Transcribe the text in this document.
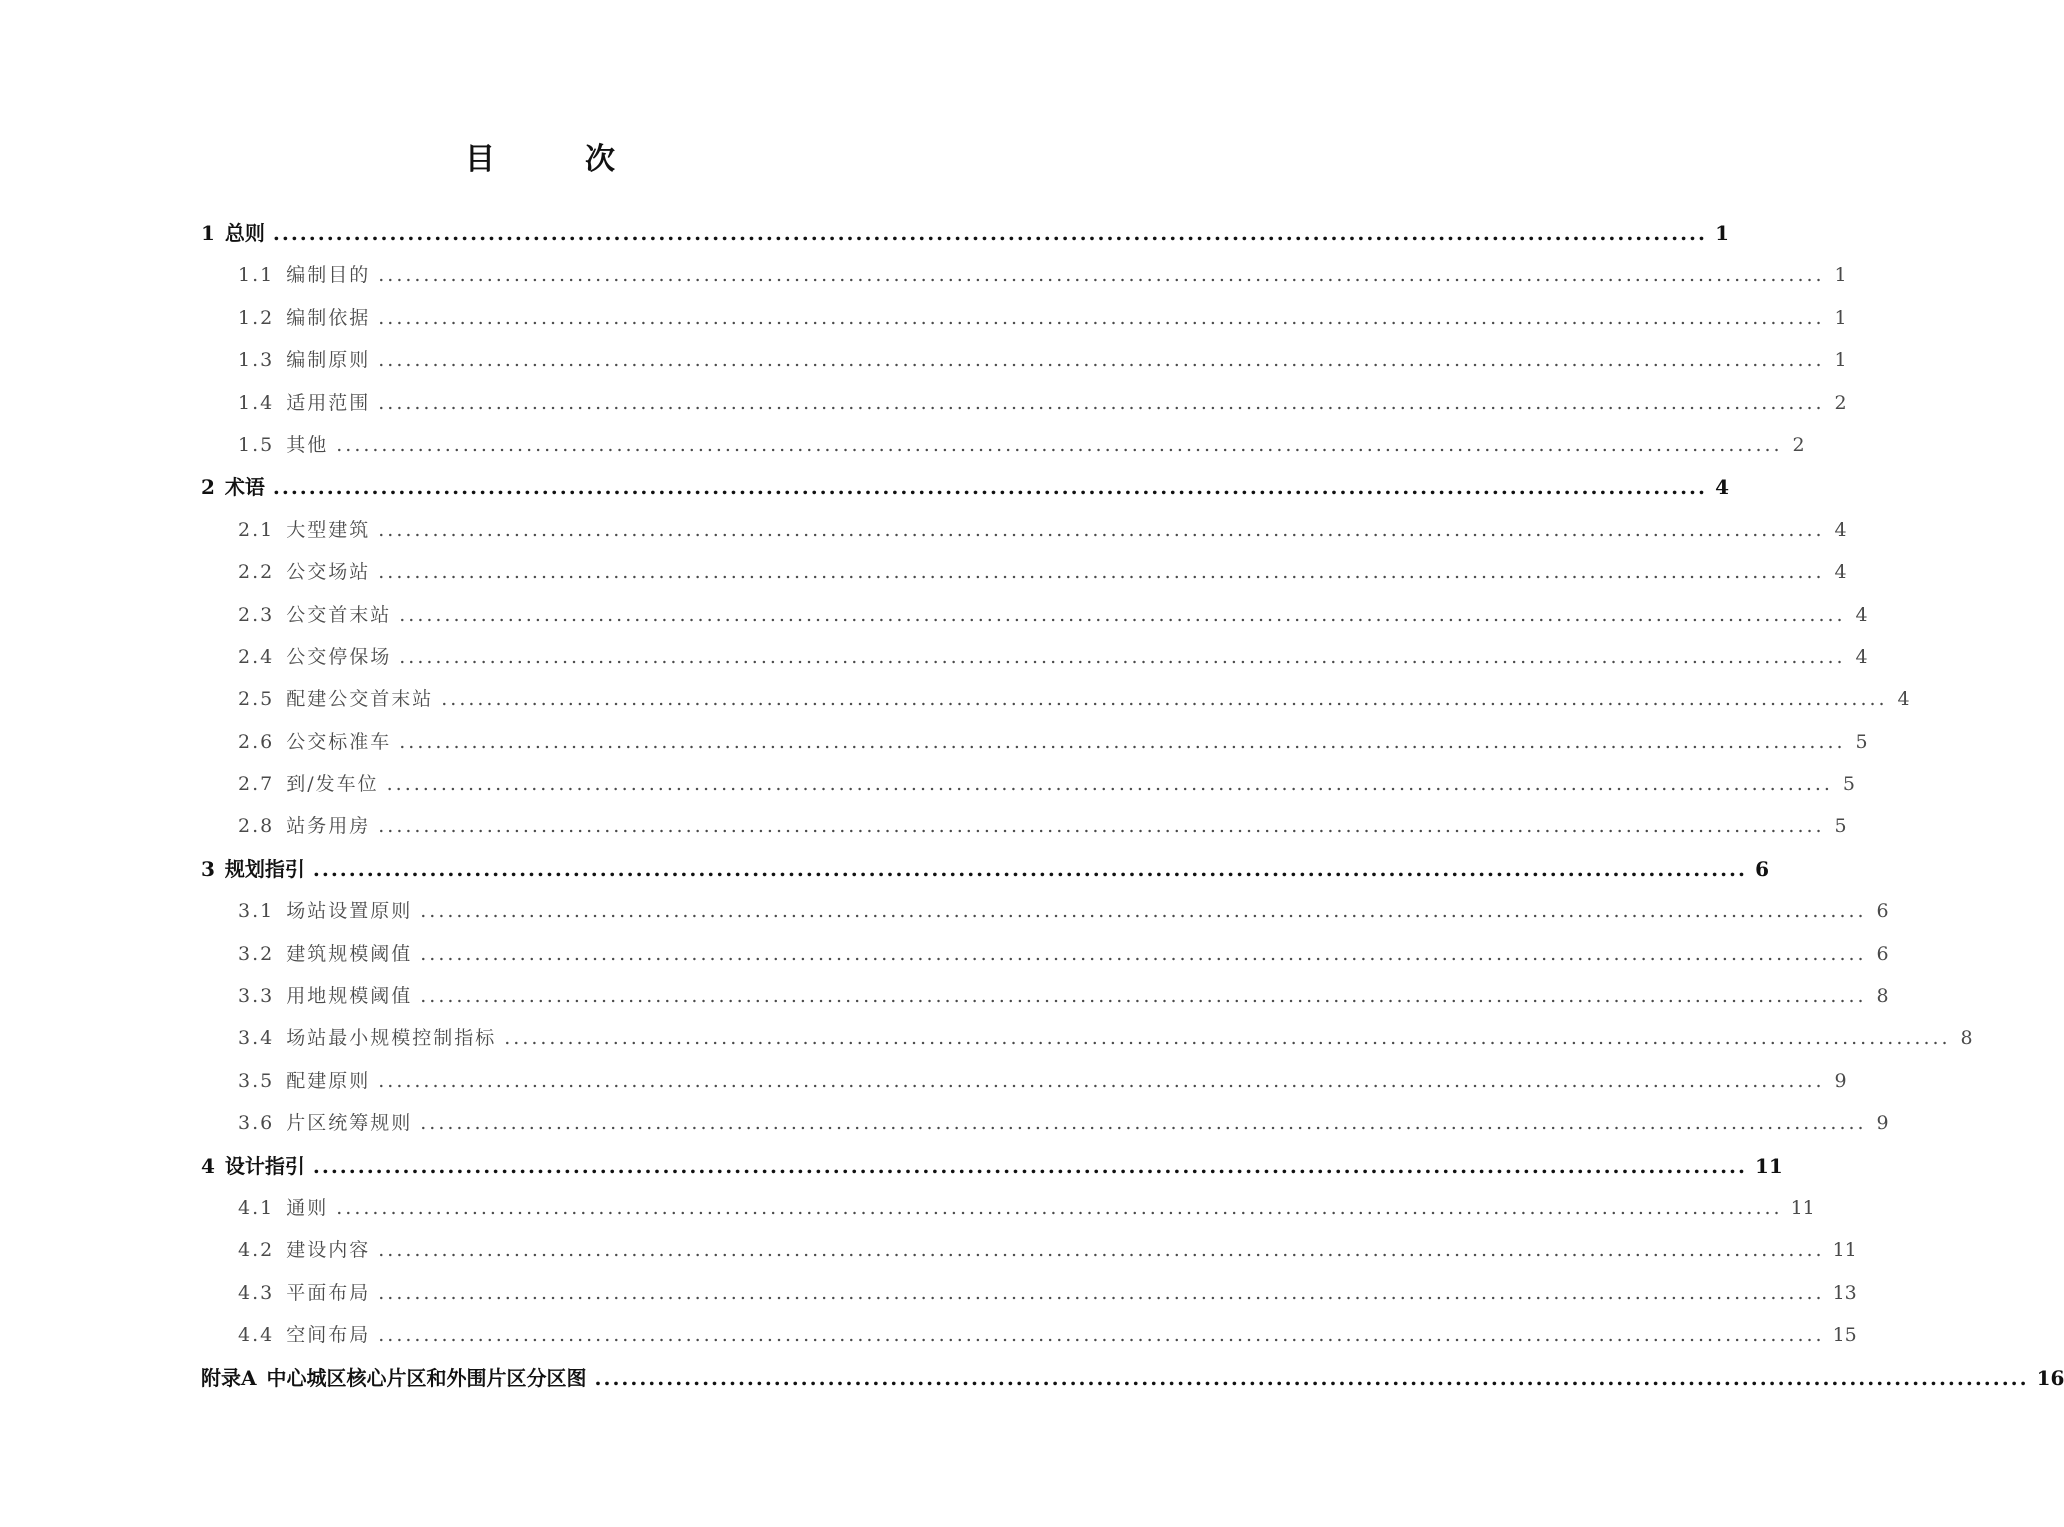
目　次
1 总则 ................................................................................................................................................................ 1
1.1 编制目的 ................................................................................................................................................................ 1
1.2 编制依据 ................................................................................................................................................................ 1
1.3 编制原则 ................................................................................................................................................................ 1
1.4 适用范围 ................................................................................................................................................................ 2
1.5 其他 ................................................................................................................................................................ 2
2 术语 ................................................................................................................................................................ 4
2.1 大型建筑 ................................................................................................................................................................ 4
2.2 公交场站 ................................................................................................................................................................ 4
2.3 公交首末站 ................................................................................................................................................................ 4
2.4 公交停保场 ................................................................................................................................................................ 4
2.5 配建公交首末站 ................................................................................................................................................................ 4
2.6 公交标准车 ................................................................................................................................................................ 5
2.7 到/发车位 ................................................................................................................................................................ 5
2.8 站务用房 ................................................................................................................................................................ 5
3 规划指引 ................................................................................................................................................................ 6
3.1 场站设置原则 ................................................................................................................................................................ 6
3.2 建筑规模阈值 ................................................................................................................................................................ 6
3.3 用地规模阈值 ................................................................................................................................................................ 8
3.4 场站最小规模控制指标 ................................................................................................................................................................ 8
3.5 配建原则 ................................................................................................................................................................ 9
3.6 片区统筹规则 ................................................................................................................................................................ 9
4 设计指引 ................................................................................................................................................................ 11
4.1 通则 ................................................................................................................................................................ 11
4.2 建设内容 ................................................................................................................................................................ 11
4.3 平面布局 ................................................................................................................................................................ 13
4.4 空间布局 ................................................................................................................................................................ 15
附录A 中心城区核心片区和外围片区分区图 ................................................................................................................................................................ 16
